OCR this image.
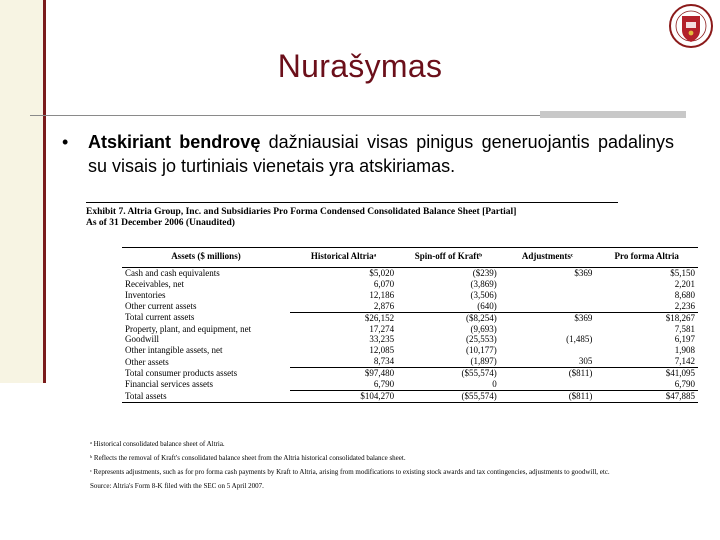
Nurašymas
• Atskiriant bendrovę dažniausiai visas pinigus generuojantis padalinys su visais jo turtiniais vienetais yra atskiriamas.
Exhibit 7. Altria Group, Inc. and Subsidiaries Pro Forma Condensed Consolidated Balance Sheet [Partial]
As of 31 December 2006 (Unaudited)
Assets ($ millions)	Historical Altriaᵃ	Spin-off of Kraftᵇ	Adjustmentsᶜ	Pro forma Altria
Cash and cash equivalents	$5,020	($239)	$369	$5,150
Receivables, net	6,070	(3,869)		2,201
Inventories	12,186	(3,506)		8,680
Other current assets	2,876	(640)		2,236
Total current assets	$26,152	($8,254)	$369	$18,267
Property, plant, and equipment, net	17,274	(9,693)		7,581
Goodwill	33,235	(25,553)	(1,485)	6,197
Other intangible assets, net	12,085	(10,177)		1,908
Other assets	8,734	(1,897)	305	7,142
Total consumer products assets	$97,480	($55,574)	($811)	$41,095
Financial services assets	6,790	0		6,790
Total assets	$104,270	($55,574)	($811)	$47,885

ᵃ Historical consolidated balance sheet of Altria.

ᵇ Reflects the removal of Kraft's consolidated balance sheet from the Altria historical consolidated balance sheet.

ᶜ Represents adjustments, such as for pro forma cash payments by Kraft to Altria, arising from modifications to existing stock awards and tax contingencies, adjustments to goodwill, etc.

Source: Altria's Form 8-K filed with the SEC on 5 April 2007.
